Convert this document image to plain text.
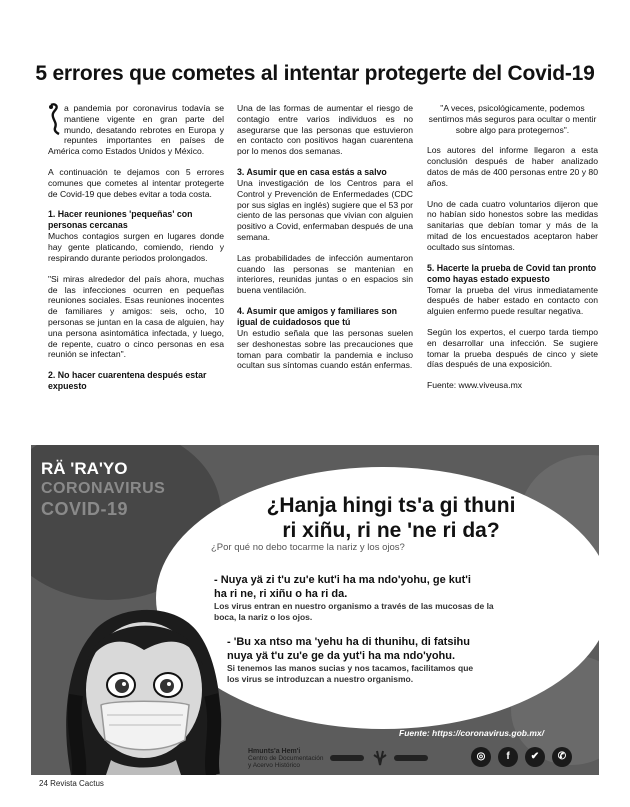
5 errores que cometes al intentar protegerte del Covid-19

a pandemia por coronavirus todavía se mantiene vigente en gran parte del mundo, desatando rebrotes en Europa y repuntes importantes en países de América como Estados Unidos y México.

A continuación te dejamos con 5 errores comunes que cometes al intentar protegerte de Covid-19 que debes evitar a toda costa.

1. Hacer reuniones 'pequeñas' con personas cercanas

Muchos contagios surgen en lugares donde hay gente platicando, comiendo, riendo y respirando durante periodos prolongados.

"Si miras alrededor del país ahora, muchas de las infecciones ocurren en pequeñas reuniones sociales. Esas reuniones inocentes de familiares y amigos: seis, ocho, 10 personas se juntan en la casa de alguien, hay una persona asintomática infectada, y luego, de repente, cuatro o cinco personas en esa reunión se infectan".

2. No hacer cuarentena después estar expuesto

Una de las formas de aumentar el riesgo de contagio entre varios individuos es no asegurarse que las personas que estuvieron en contacto con positivos hagan cuarentena por lo menos dos semanas.

3. Asumir que en casa estás a salvo

Una investigación de los Centros para el Control y Prevención de Enfermedades (CDC por sus siglas en inglés) sugiere que el 53 por ciento de las personas que vivian con alguien positivo a Covid, enfermaban después de una semana.

Las probabilidades de infección aumentaron cuando las personas se mantenian en interiores, reunidas juntas o en espacios sin buena ventilación.

4. Asumir que amigos y familiares son igual de cuidadosos que tú

Un estudio señala que las personas suelen ser deshonestas sobre las precauciones que toman para combatir la pandemia e incluso ocultan sus síntomas cuando están enfermas.

"A veces, psicológicamente, podemos sentirnos más seguros para ocultar o mentir sobre algo para protegernos".

Los autores del informe llegaron a esta conclusión después de haber analizado datos de más de 400 personas entre 20 y 80 años.

Uno de cada cuatro voluntarios dijeron que no habían sido honestos sobre las medidas sanitarias que debían tomar y más de la mitad de los encuestados aceptaron haber ocultado sus síntomas.

5. Hacerte la prueba de Covid tan pronto como hayas estado expuesto

Tomar la prueba del virus inmediatamente después de haber estado en contacto con alguien enfermo puede resultar negativa.

Según los expertos, el cuerpo tarda tiempo en desarrollar una infección. Se sugiere tomar la prueba después de cinco y siete días después de una exposición.

Fuente: www.viveusa.mx

RÄ 'RA'YO
CORONAVIRUS
COVID-19	¿Hanja hingi ts'a gi thuni
ri xiñu, ri ne 'ne ri da?
¿Por qué no debo tocarme la nariz y los ojos?
- Nuya yä zi t'u zu'e kut'i ha ma ndo'yohu, ge kut'i
ha ri ne, ri xiñu o ha ri da.
Los virus entran en nuestro organismo a través de las mucosas de la
boca, la nariz o los ojos.
- 'Bu xa ntso ma 'yehu ha di thunihu, di fatsihu
nuya yä t'u zu'e ge da yut'i ha ma ndo'yohu.
Si tenemos las manos sucias y nos tacamos, facilitamos que
los virus se introduzcan a nuestro organismo.
Fuente: https://coronavirus.gob.mx/
Hmunts'a Hem'i
Centro de Documentación
y Acervo Histórico
◎	f	✔	✆
24 Revista Cactus
